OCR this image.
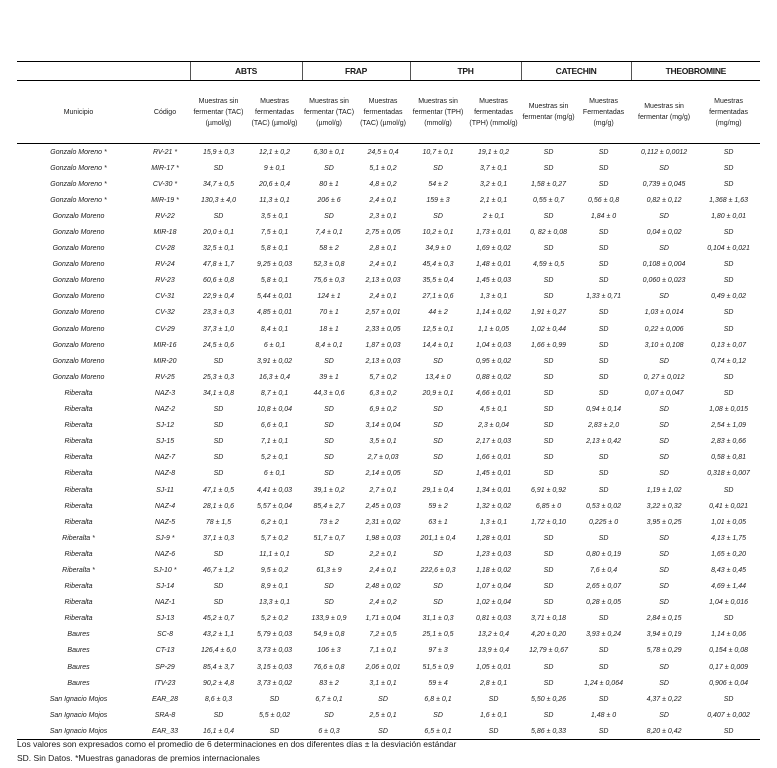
		ABTS		FRAP		TPH		CATECHIN		THEOBROMINE	
Municipio	Código	Muestras sin fermentar (TAC) (µmol/g)	Muestras fermentadas (TAC) (µmol/g)	Muestras sin fermentar (TAC) (µmol/g)	Muestras fermentadas (TAC) (µmol/g)	Muestras sin fermentar (TPH) (mmol/g)	Muestras fermentadas (TPH) (mmol/g)	Muestras sin fermentar (mg/g)	Muestras Fermentadas (mg/g)	Muestras sin fermentar (mg/g)	Muestras fermentadas (mg/mg)
Gonzalo Moreno *	RV-21 *	15,9 ± 0,3	12,1 ± 0,2	6,30 ± 0,1	24,5 ± 0,4	10,7 ± 0,1	19,1 ± 0,2	SD	SD	0,112 ± 0,0012	SD
Gonzalo Moreno *	MIR-17 *	SD	9 ± 0,1	SD	5,1 ± 0,2	SD	3,7 ± 0,1	SD	SD	SD	SD
Gonzalo Moreno *	CV-30 *	34,7 ± 0,5	20,6 ± 0,4	80 ± 1	4,8 ± 0,2	54 ± 2	3,2 ± 0,1	1,58 ± 0,27	SD	0,739 ± 0,045	SD
Gonzalo Moreno *	MIR-19 *	130,3 ± 4,0	11,3 ± 0,1	206 ± 6	2,4 ± 0,1	159 ± 3	2,1 ± 0,1	0,55 ± 0,7	0,56 ± 0,8	0,82 ± 0,12	1,368 ± 1,63
Gonzalo Moreno	RV-22	SD	3,5 ± 0,1	SD	2,3 ± 0,1	SD	2 ± 0,1	SD	1,84 ± 0	SD	1,80 ± 0,01
Gonzalo Moreno	MIR-18	20,0 ± 0,1	7,5 ± 0,1	7,4 ± 0,1	2,75 ± 0,05	10,2 ± 0,1	1,73 ± 0,01	0, 82 ± 0,08	SD	0,04 ± 0,02	SD
Gonzalo Moreno	CV-28	32,5 ± 0,1	5,8 ± 0,1	58 ± 2	2,8 ± 0,1	34,9 ± 0	1,69 ± 0,02	SD	SD	SD	0,104 ± 0,021
Gonzalo Moreno	RV-24	47,8 ± 1,7	9,25 ± 0,03	52,3 ± 0,8	2,4 ± 0,1	45,4 ± 0,3	1,48 ± 0,01	4,59 ± 0,5	SD	0,108 ± 0,004	SD
Gonzalo Moreno	RV-23	60,6 ± 0,8	5,8 ± 0,1	75,6 ± 0,3	2,13 ± 0,03	35,5 ± 0,4	1,45 ± 0,03	SD	SD	0,060 ± 0,023	SD
Gonzalo Moreno	CV-31	22,9 ± 0,4	5,44 ± 0,01	124 ± 1	2,4 ± 0,1	27,1 ± 0,6	1,3 ± 0,1	SD	1,33 ± 0,71	SD	0,49 ± 0,02
Gonzalo Moreno	CV-32	23,3 ± 0,3	4,85 ± 0,01	70 ± 1	2,57 ± 0,01	44 ± 2	1,14 ± 0,02	1,91 ± 0,27	SD	1,03 ± 0,014	SD
Gonzalo Moreno	CV-29	37,3 ± 1,0	8,4 ± 0,1	18 ± 1	2,33 ± 0,05	12,5 ± 0,1	1,1 ± 0,05	1,02 ± 0,44	SD	0,22 ± 0,006	SD
Gonzalo Moreno	MIR-16	24,5 ± 0,6	6 ± 0,1	8,4 ± 0,1	1,87 ± 0,03	14,4 ± 0,1	1,04 ± 0,03	1,66 ± 0,99	SD	3,10 ± 0,108	0,13 ± 0,07
Gonzalo Moreno	MIR-20	SD	3,91 ± 0,02	SD	2,13 ± 0,03	SD	0,95 ± 0,02	SD	SD	SD	0,74 ± 0,12
Gonzalo Moreno	RV-25	25,3 ± 0,3	16,3 ± 0,4	39 ± 1	5,7 ± 0,2	13,4 ± 0	0,88 ± 0,02	SD	SD	0, 27 ± 0,012	SD
Riberalta	NAZ-3	34,1 ± 0,8	8,7 ± 0,1	44,3 ± 0,6	6,3 ± 0,2	20,9 ± 0,1	4,66 ± 0,01	SD	SD	0,07 ± 0,047	SD
Riberalta	NAZ-2	SD	10,8 ± 0,04	SD	6,9 ± 0,2	SD	4,5 ± 0,1	SD	0,94 ± 0,14	SD	1,08 ± 0,015
Riberalta	SJ-12	SD	6,6 ± 0,1	SD	3,14 ± 0,04	SD	2,3 ± 0,04	SD	2,83 ± 2,0	SD	2,54 ± 1,09
Riberalta	SJ-15	SD	7,1 ± 0,1	SD	3,5 ± 0,1	SD	2,17 ± 0,03	SD	2,13 ± 0,42	SD	2,83 ± 0,66
Riberalta	NAZ-7	SD	5,2 ± 0,1	SD	2,7 ± 0,03	SD	1,66 ± 0,01	SD	SD	SD	0,58 ± 0,81
Riberalta	NAZ-8	SD	6 ± 0,1	SD	2,14 ± 0,05	SD	1,45 ± 0,01	SD	SD	SD	0,318 ± 0,007
Riberalta	SJ-11	47,1 ± 0,5	4,41 ± 0,03	39,1 ± 0,2	2,7 ± 0,1	29,1 ± 0,4	1,34 ± 0,01	6,91 ± 0,92	SD	1,19 ± 1,02	SD
Riberalta	NAZ-4	28,1 ± 0,6	5,57 ± 0,04	85,4 ± 2,7	2,45 ± 0,03	59 ± 2	1,32 ± 0,02	6,85 ± 0	0,53 ± 0,02	3,22 ± 0,32	0,41 ± 0,021
Riberalta	NAZ-5	78 ± 1,5	6,2 ± 0,1	73 ± 2	2,31 ± 0,02	63 ± 1	1,3 ± 0,1	1,72 ± 0,10	0,225 ± 0	3,95 ± 0,25	1,01 ± 0,05
Riberalta *	SJ-9 *	37,1 ± 0,3	5,7 ± 0,2	51,7 ± 0,7	1,98 ± 0,03	201,1 ± 0,4	1,28 ± 0,01	SD	SD	SD	4,13 ± 1,75
Riberalta	NAZ-6	SD	11,1 ± 0,1	SD	2,2 ± 0,1	SD	1,23 ± 0,03	SD	0,80 ± 0,19	SD	1,65 ± 0,20
Riberalta *	SJ-10 *	46,7 ± 1,2	9,5 ± 0,2	61,3 ± 9	2,4 ± 0,1	222,6 ± 0,3	1,18 ± 0,02	SD	7,6 ± 0,4	SD	8,43 ± 0,45
Riberalta	SJ-14	SD	8,9 ± 0,1	SD	2,48 ± 0,02	SD	1,07 ± 0,04	SD	2,65 ± 0,07	SD	4,69 ± 1,44
Riberalta	NAZ-1	SD	13,3 ± 0,1	SD	2,4 ± 0,2	SD	1,02 ± 0,04	SD	0,28 ± 0,05	SD	1,04 ± 0,016
Riberalta	SJ-13	45,2 ± 0,7	5,2 ± 0,2	133,9 ± 0,9	1,71 ± 0,04	31,1 ± 0,3	0,81 ± 0,03	3,71 ± 0,18	SD	2,84 ± 0,15	SD
Baures	SC-8	43,2 ± 1,1	5,79 ± 0,03	54,9 ± 0,8	7,2 ± 0,5	25,1 ± 0,5	13,2 ± 0,4	4,20 ± 0,20	3,93 ± 0,24	3,94 ± 0,19	1,14 ± 0,06
Baures	CT-13	126,4 ± 6,0	3,73 ± 0,03	106 ± 3	7,1 ± 0,1	97 ± 3	13,9 ± 0,4	12,79 ± 0,67	SD	5,78 ± 0,29	0,154 ± 0,08
Baures	SP-29	85,4 ± 3,7	3,15 ± 0,03	76,6 ± 0,8	2,06 ± 0,01	51,5 ± 0,9	1,05 ± 0,01	SD	SD	SD	0,17 ± 0,009
Baures	ITV-23	90,2 ± 4,8	3,73 ± 0,02	83 ± 2	3,1 ± 0,1	59 ± 4	2,8 ± 0,1	SD	1,24 ± 0,064	SD	0,906 ± 0,04
San Ignacio Mojos	EAR_28	8,6 ± 0,3	SD	6,7 ± 0,1	SD	6,8 ± 0,1	SD	5,50 ± 0,26	SD	4,37 ± 0,22	SD
San Ignacio Mojos	SRA-8	SD	5,5 ± 0,02	SD	2,5 ± 0,1	SD	1,6 ± 0,1	SD	1,48 ± 0	SD	0,407 ± 0,002
San Ignacio Mojos	EAR_33	16,1 ± 0,4	SD	6 ± 0,3	SD	6,5 ± 0,1	SD	5,86 ± 0,33	SD	8,20 ± 0,42	SD
Los valores son expresados como el promedio de 6 determinaciones en dos diferentes días ± la desviación estándar
SD. Sin Datos. *Muestras ganadoras de premios internacionales
